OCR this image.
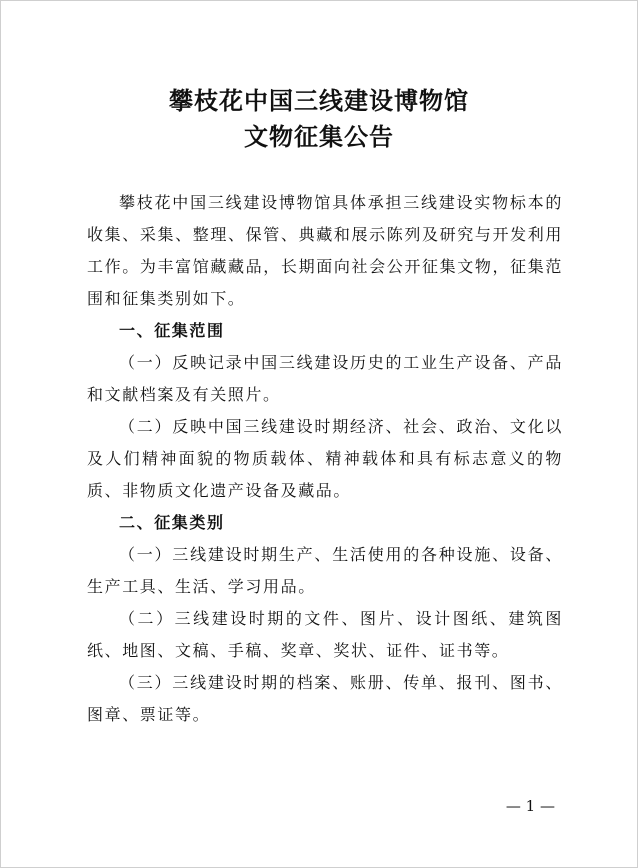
攀枝花中国三线建设博物馆
文物征集公告

攀枝花中国三线建设博物馆具体承担三线建设实物标本的收集、采集、整理、保管、典藏和展示陈列及研究与开发利用工作。为丰富馆藏藏品，长期面向社会公开征集文物，征集范围和征集类别如下。

一、征集范围

（一）反映记录中国三线建设历史的工业生产设备、产品和文献档案及有关照片。

（二）反映中国三线建设时期经济、社会、政治、文化以及人们精神面貌的物质载体、精神载体和具有标志意义的物质、非物质文化遗产设备及藏品。

二、征集类别

（一）三线建设时期生产、生活使用的各种设施、设备、生产工具、生活、学习用品。

（二）三线建设时期的文件、图片、设计图纸、建筑图纸、地图、文稿、手稿、奖章、奖状、证件、证书等。

（三）三线建设时期的档案、账册、传单、报刊、图书、图章、票证等。

— 1 —
